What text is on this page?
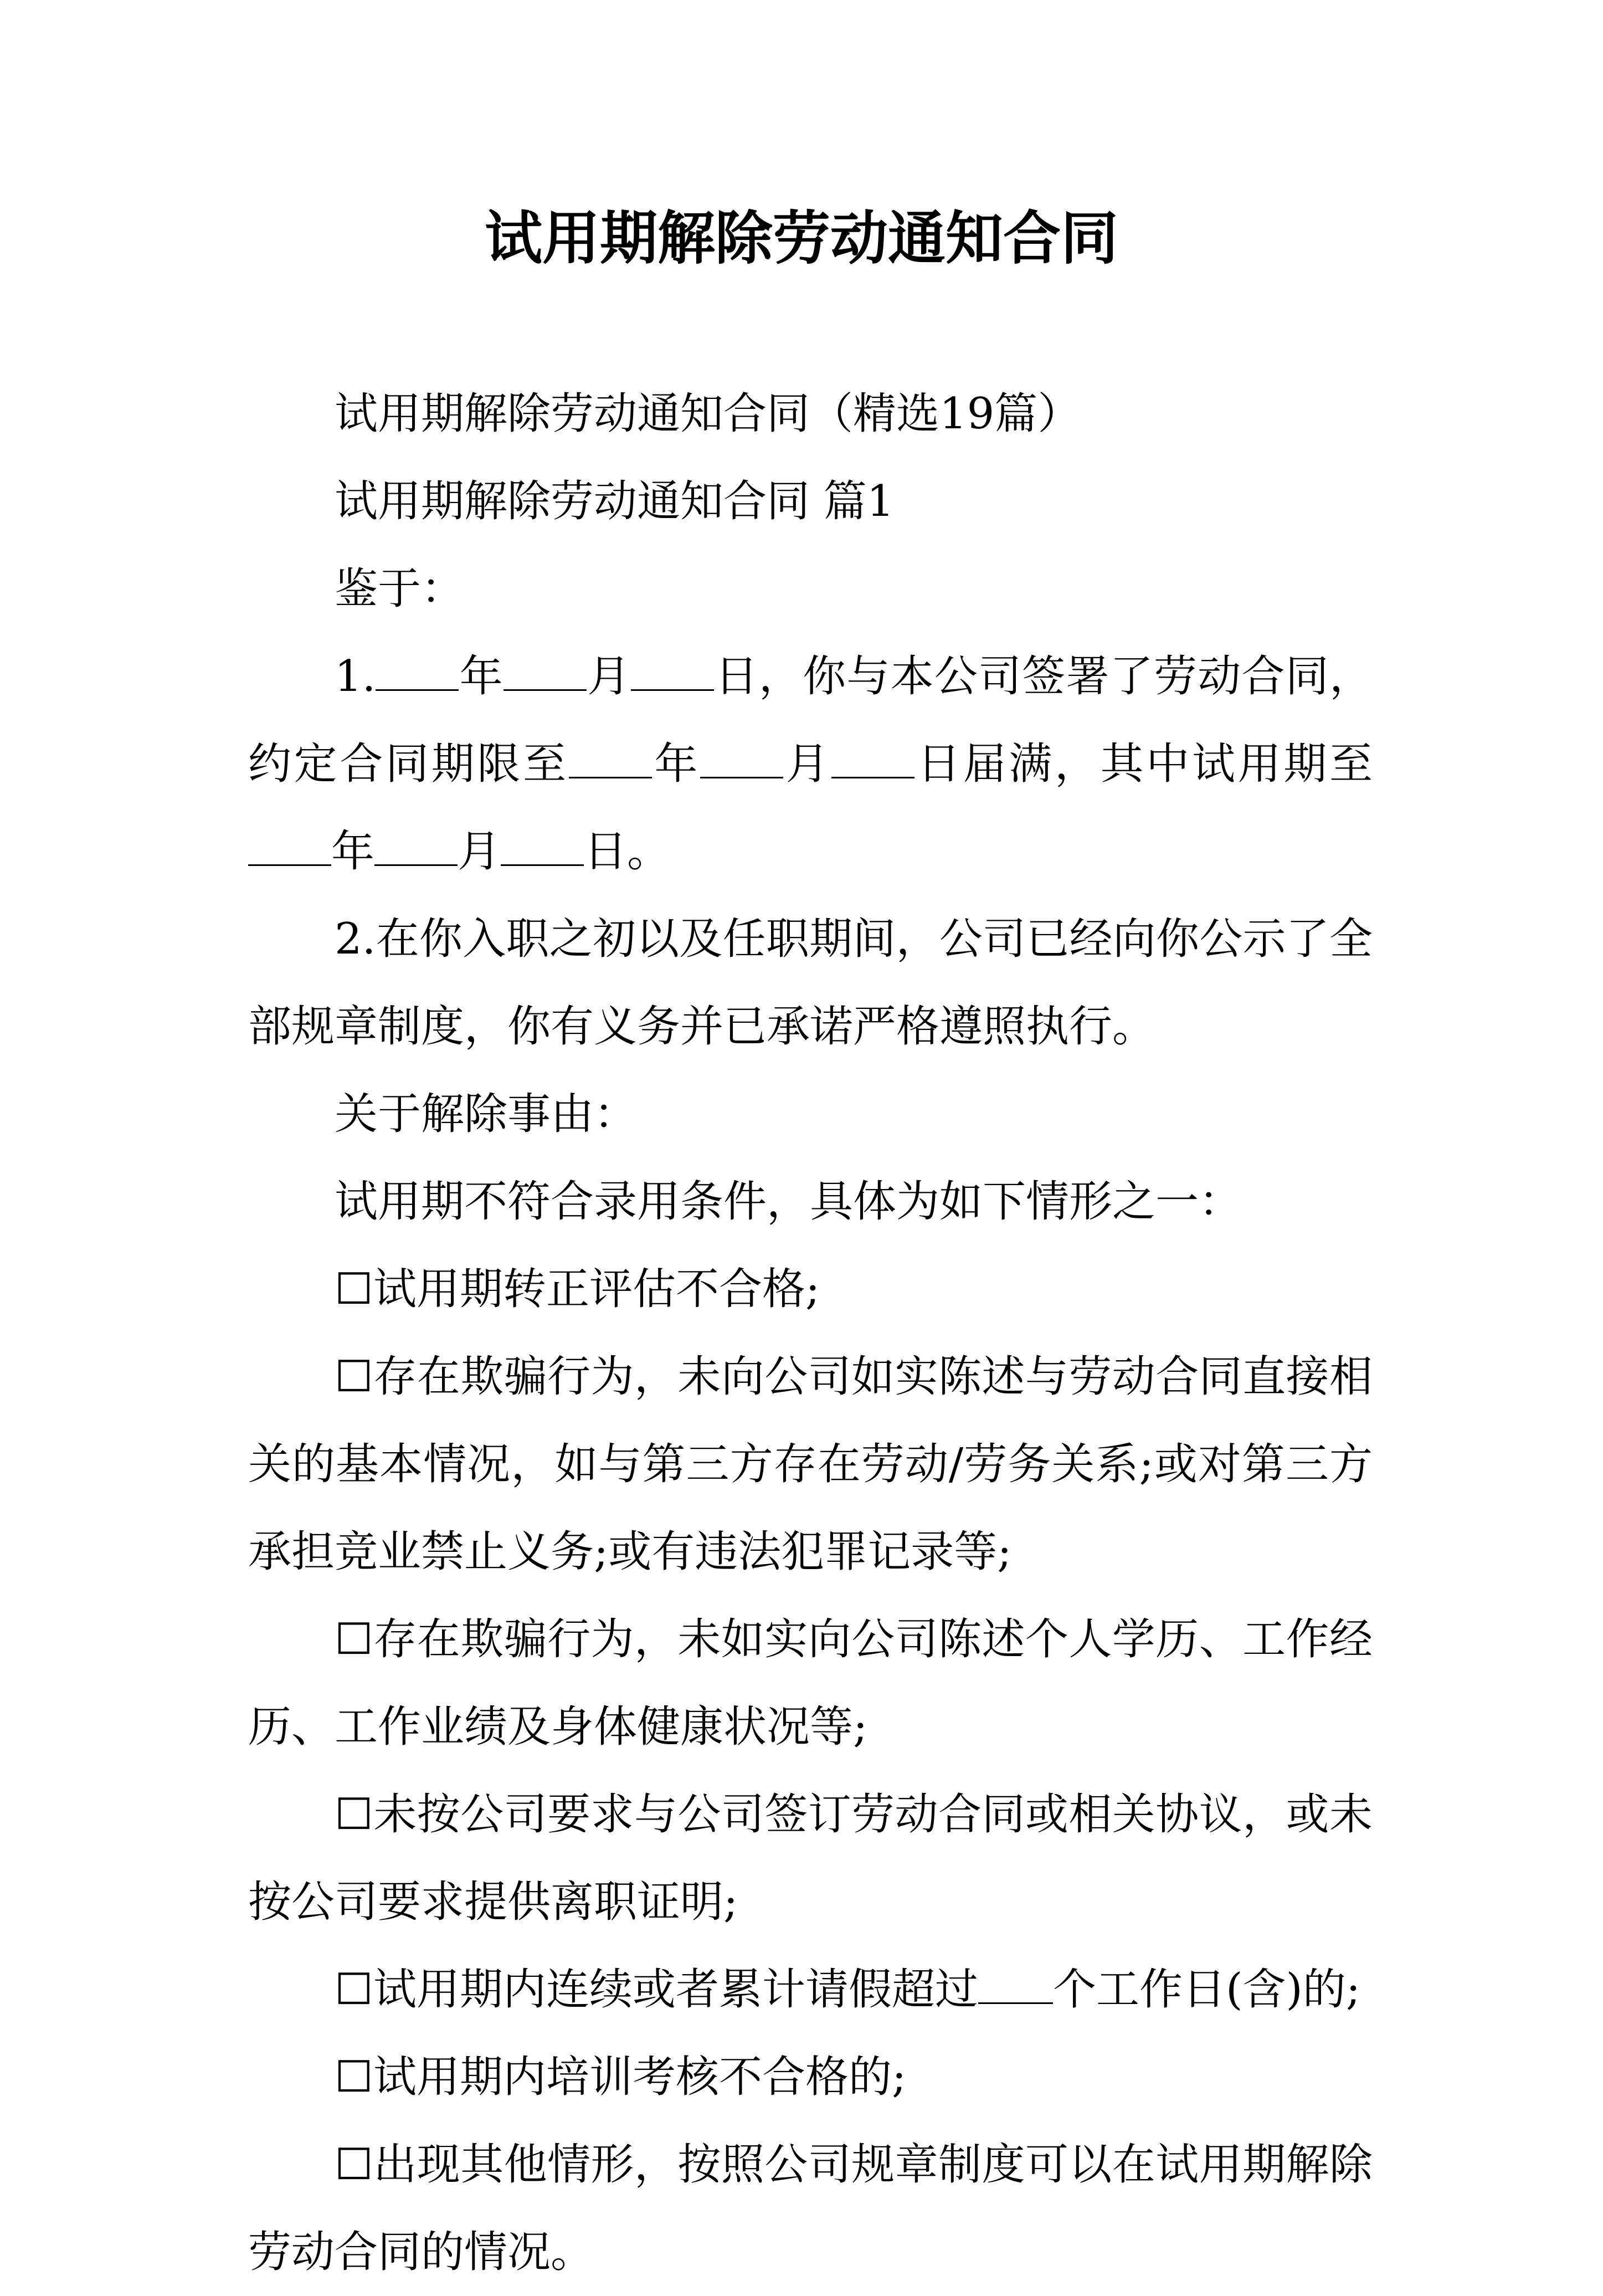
试用期解除劳动通知合同

试用期解除劳动通知合同（精选19篇）

试用期解除劳动通知合同 篇1

鉴于：

1. 年 月 日，你与本公司签署了劳动合同，约定合同期限至 年 月 日届满，其中试用期至年 月 日。

2.在你入职之初以及任职期间，公司已经向你公示了全部规章制度，你有义务并已承诺严格遵照执行。

关于解除事由：

试用期不符合录用条件，具体为如下情形之一：

☐试用期转正评估不合格;

☐存在欺骗行为，未向公司如实陈述与劳动合同直接相关的基本情况，如与第三方存在劳动/劳务关系;或对第三方承担竞业禁止义务;或有违法犯罪记录等;

☐存在欺骗行为，未如实向公司陈述个人学历、工作经历、工作业绩及身体健康状况等;

☐未按公司要求与公司签订劳动合同或相关协议，或未按公司要求提供离职证明;

☐试用期内连续或者累计请假超过 个工作日(含)的;

☐试用期内培训考核不合格的;

☐出现其他情形，按照公司规章制度可以在试用期解除劳动合同的情况。
